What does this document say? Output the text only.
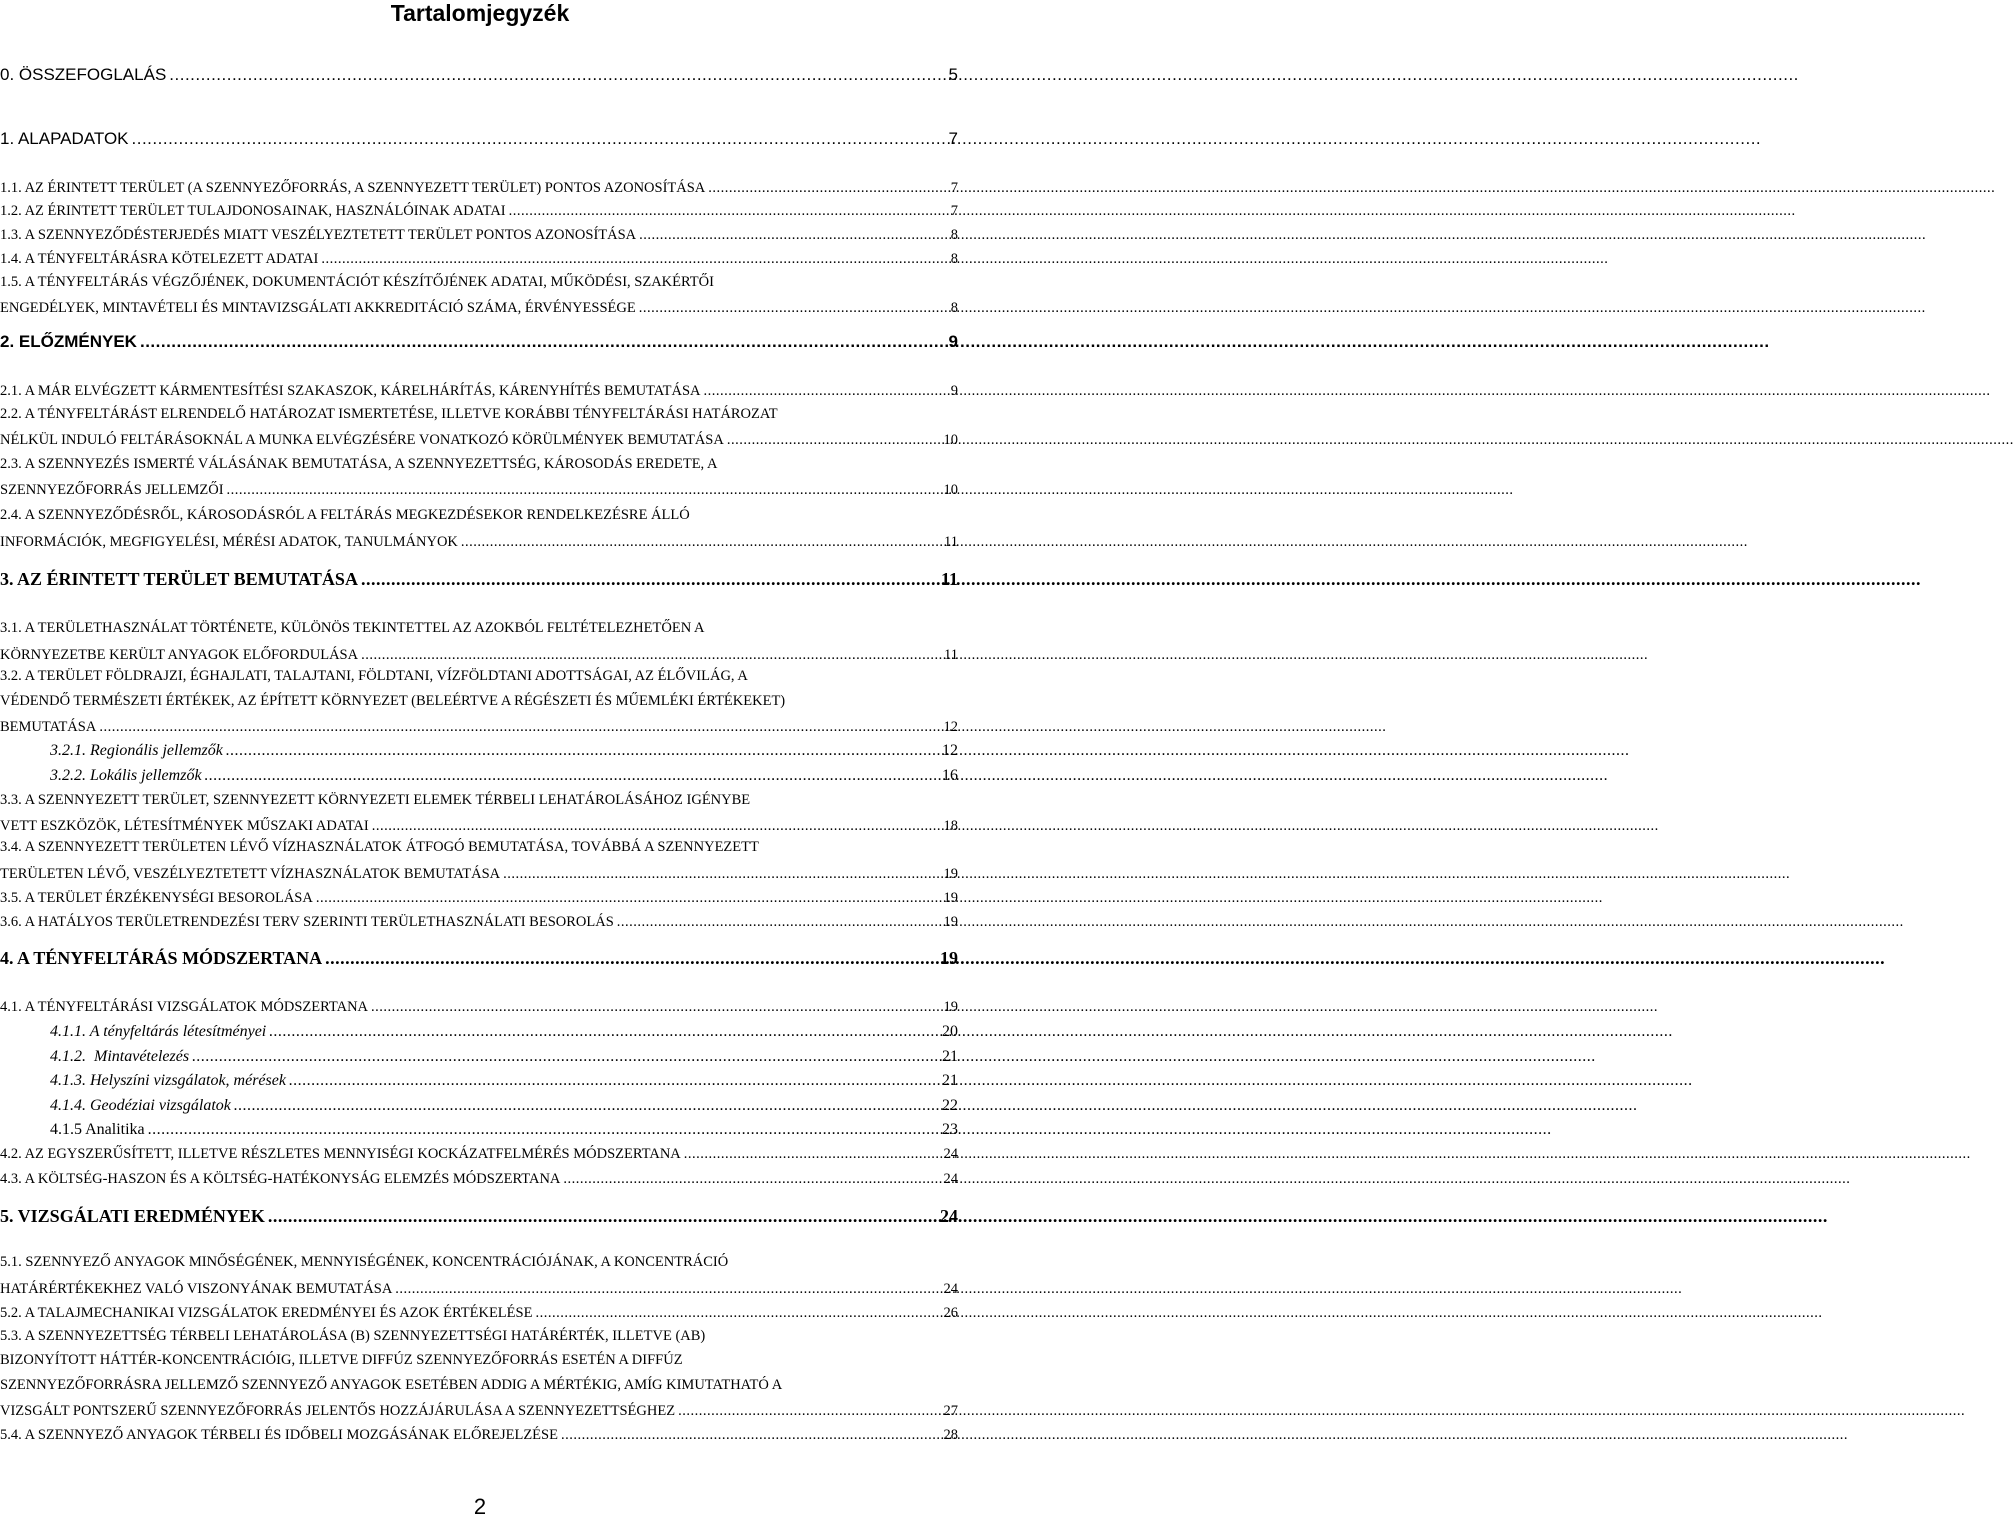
Tartalomjegyzék
0. ÖSSZEFOGLALÁS .....	5
1. ALAPADATOK .....	7
1.1. AZ ÉRINTETT TERÜLET (A SZENNYEZŐFORRÁS, A SZENNYEZETT TERÜLET) PONTOS AZONOSÍTÁSA .....	7
1.2. AZ ÉRINTETT TERÜLET TULAJDONOSAINAK, HASZNÁLÓINAK ADATAI .....	7
1.3. A SZENNYEZŐDÉSTERJEDÉS MIATT VESZÉLYEZTETETT TERÜLET PONTOS AZONOSÍTÁSA .....	8
1.4. A TÉNYFELTÁRÁSRA KÖTELEZETT ADATAI .....	8
1.5. A TÉNYFELTÁRÁS VÉGZŐJÉNEK, DOKUMENTÁCIÓT KÉSZÍTŐJÉNEK ADATAI, MŰKÖDÉSI, SZAKÉRTŐI
ENGEDÉLYEK, MINTAVÉTELI ÉS MINTAVIZSGÁLATI AKKREDITÁCIÓ SZÁMA, ÉRVÉNYESSÉGE .....	8
2. ELŐZMÉNYEK .....	9
2.1. A MÁR ELVÉGZETT KÁRMENTESÍTÉSI SZAKASZOK, KÁRELHÁRÍTÁS, KÁRENYHÍTÉS BEMUTATÁSA .....	9
2.2. A TÉNYFELTÁRÁST ELRENDELŐ HATÁROZAT ISMERTETÉSE, ILLETVE KORÁBBI TÉNYFELTÁRÁSI HATÁROZAT
NÉLKÜL INDULÓ FELTÁRÁSOKNÁL A MUNKA ELVÉGZÉSÉRE VONATKOZÓ KÖRÜLMÉNYEK BEMUTATÁSA .....	10
2.3. A SZENNYEZÉS ISMERTÉ VÁLÁSÁNAK BEMUTATÁSA, A SZENNYEZETTSÉG, KÁROSODÁS EREDETE, A
SZENNYEZŐFORRÁS JELLEMZŐI .....	10
2.4. A SZENNYEZŐDÉSRŐL, KÁROSODÁSRÓL A FELTÁRÁS MEGKEZDÉSEKOR RENDELKEZÉSRE ÁLLÓ
INFORMÁCIÓK, MEGFIGYELÉSI, MÉRÉSI ADATOK, TANULMÁNYOK .....	11
3. AZ ÉRINTETT TERÜLET BEMUTATÁSA .....	11
3.1. A TERÜLETHASZNÁLAT TÖRTÉNETE, KÜLÖNÖS TEKINTETTEL AZ AZOKBÓL FELTÉTELEZHETŐEN A
KÖRNYEZETBE KERÜLT ANYAGOK ELŐFORDULÁSA .....	11
3.2. A TERÜLET FÖLDRAJZI, ÉGHAJLATI, TALAJTANI, FÖLDTANI, VÍZFÖLDTANI ADOTTSÁGAI, AZ ÉLŐVILÁG, A
VÉDENDŐ TERMÉSZETI ÉRTÉKEK, AZ ÉPÍTETT KÖRNYEZET (BELEÉRTVE A RÉGÉSZETI ÉS MŰEMLÉKI ÉRTÉKEKET)
BEMUTATÁSA .....	12
3.2.1. Regionális jellemzők .....	12
3.2.2. Lokális jellemzők .....	16
3.3. A SZENNYEZETT TERÜLET, SZENNYEZETT KÖRNYEZETI ELEMEK TÉRBELI LEHATÁROLÁSÁHOZ IGÉNYBE
VETT ESZKÖZÖK, LÉTESÍTMÉNYEK MŰSZAKI ADATAI .....	18
3.4. A SZENNYEZETT TERÜLETEN LÉVŐ VÍZHASZNÁLATOK ÁTFOGÓ BEMUTATÁSA, TOVÁBBÁ A SZENNYEZETT
TERÜLETEN LÉVŐ, VESZÉLYEZTETETT VÍZHASZNÁLATOK BEMUTATÁSA .....	19
3.5. A TERÜLET ÉRZÉKENYSÉGI BESOROLÁSA .....	19
3.6. A HATÁLYOS TERÜLETRENDEZÉSI TERV SZERINTI TERÜLETHASZNÁLATI BESOROLÁS .....	19
4. A TÉNYFELTÁRÁS MÓDSZERTANA .....	19
4.1. A TÉNYFELTÁRÁSI VIZSGÁLATOK MÓDSZERTANA .....	19
4.1.1. A tényfeltárás létesítményei .....	20
4.1.2.  Mintavételezés .....	21
4.1.3. Helyszíni vizsgálatok, mérések .....	21
4.1.4. Geodéziai vizsgálatok .....	22
4.1.5 Analitika .....	23
4.2. AZ EGYSZERŰSÍTETT, ILLETVE RÉSZLETES MENNYISÉGI KOCKÁZATFELMÉRÉS MÓDSZERTANA .....	24
4.3. A KÖLTSÉG-HASZON ÉS A KÖLTSÉG-HATÉKONYSÁG ELEMZÉS MÓDSZERTANA .....	24
5. VIZSGÁLATI EREDMÉNYEK .....	24
5.1. SZENNYEZŐ ANYAGOK MINŐSÉGÉNEK, MENNYISÉGÉNEK, KONCENTRÁCIÓJÁNAK, A KONCENTRÁCIÓ
HATÁRÉRTÉKEKHEZ VALÓ VISZONYÁNAK BEMUTATÁSA .....	24
5.2. A TALAJMECHANIKAI VIZSGÁLATOK EREDMÉNYEI ÉS AZOK ÉRTÉKELÉSE .....	26
5.3. A SZENNYEZETTSÉG TÉRBELI LEHATÁROLÁSA (B) SZENNYEZETTSÉGI HATÁRÉRTÉK, ILLETVE (AB)
BIZONYÍTOTT HÁTTÉR-KONCENTRÁCIÓIG, ILLETVE DIFFÚZ SZENNYEZŐFORRÁS ESETÉN A DIFFÚZ
SZENNYEZŐFORRÁSRA JELLEMZŐ SZENNYEZŐ ANYAGOK ESETÉBEN ADDIG A MÉRTÉKIG, AMÍG KIMUTATHATÓ A
VIZSGÁLT PONTSZERŰ SZENNYEZŐFORRÁS JELENTŐS HOZZÁJÁRULÁSA A SZENNYEZETTSÉGHEZ .....	27
5.4. A SZENNYEZŐ ANYAGOK TÉRBELI ÉS IDŐBELI MOZGÁSÁNAK ELŐREJELZÉSE .....	28
2
